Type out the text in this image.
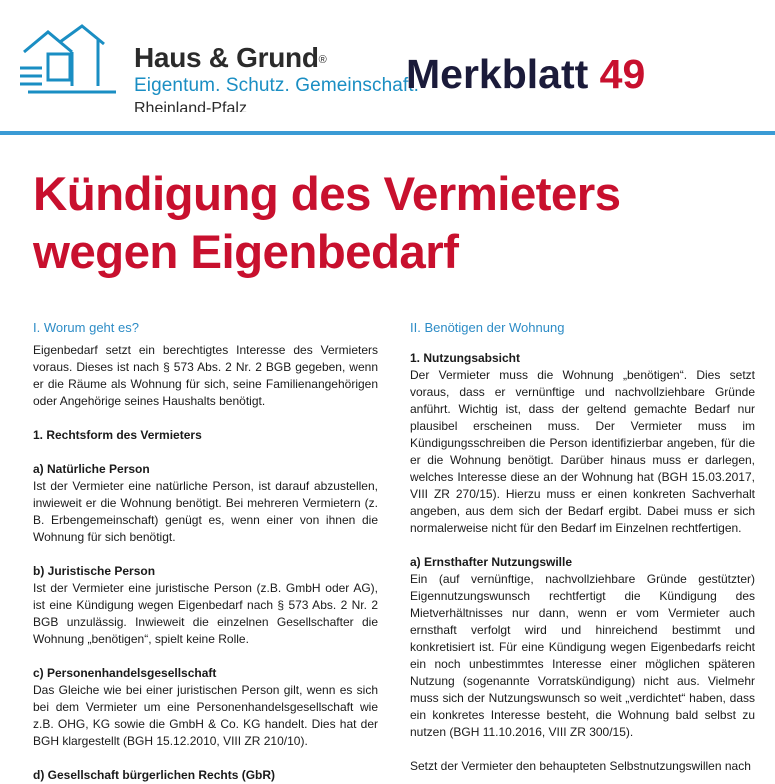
Haus & Grund®
Eigentum. Schutz. Gemeinschaft.
Rheinland-Pfalz
Merkblatt 49
Kündigung des Vermieters
wegen Eigenbedarf
I. Worum geht es?

Eigenbedarf setzt ein berechtigtes Interesse des Vermieters voraus. Dieses ist nach § 573 Abs. 2 Nr. 2 BGB gegeben, wenn er die Räume als Wohnung für sich, seine Familienangehörigen oder Angehörige seines Haushalts benötigt.

1. Rechtsform des Vermieters

a) Natürliche Person

Ist der Vermieter eine natürliche Person, ist darauf abzustellen, inwieweit er die Wohnung benötigt. Bei mehreren Vermietern (z. B. Erbengemeinschaft) genügt es, wenn einer von ihnen die Wohnung für sich benötigt.

b) Juristische Person

Ist der Vermieter eine juristische Person (z.B. GmbH oder AG), ist eine Kündigung wegen Eigenbedarf nach § 573 Abs. 2 Nr. 2 BGB unzulässig. Inwieweit die einzelnen Gesellschafter die Wohnung „benötigen“, spielt keine Rolle.

c) Personenhandelsgesellschaft

Das Gleiche wie bei einer juristischen Person gilt, wenn es sich bei dem Vermieter um eine Personenhandelsgesellschaft wie z.B. OHG, KG sowie die GmbH & Co. KG handelt. Dies hat der BGH klargestellt (BGH 15.12.2010, VIII ZR 210/10).

d) Gesellschaft bürgerlichen Rechts (GbR)

II. Benötigen der Wohnung

1. Nutzungsabsicht

Der Vermieter muss die Wohnung „benötigen“. Dies setzt voraus, dass er vernünftige und nachvollziehbare Gründe anführt. Wichtig ist, dass der geltend gemachte Bedarf nur plausibel erscheinen muss. Der Vermieter muss im Kündigungsschreiben die Person identifizierbar angeben, für die er die Wohnung benötigt. Darüber hinaus muss er darlegen, welches Interesse diese an der Wohnung hat (BGH 15.03.2017, VIII ZR 270/15). Hierzu muss er einen konkreten Sachverhalt angeben, aus dem sich der Bedarf ergibt. Dabei muss er sich normalerweise nicht für den Bedarf im Einzelnen rechtfertigen.

a) Ernsthafter Nutzungswille

Ein (auf vernünftige, nachvollziehbare Gründe gestützter) Eigennutzungswunsch rechtfertigt die Kündigung des Mietverhältnisses nur dann, wenn er vom Vermieter auch ernsthaft verfolgt wird und hinreichend bestimmt und konkretisiert ist. Für eine Kündigung wegen Eigenbedarfs reicht ein noch unbestimmtes Interesse einer möglichen späteren Nutzung (sogenannte Vorratskündigung) nicht aus. Vielmehr muss sich der Nutzungswunsch so weit „verdichtet“ haben, dass ein konkretes Interesse besteht, die Wohnung bald selbst zu nutzen (BGH 11.10.2016, VIII ZR 300/15).

Setzt der Vermieter den behaupteten Selbstnutzungswillen nach
